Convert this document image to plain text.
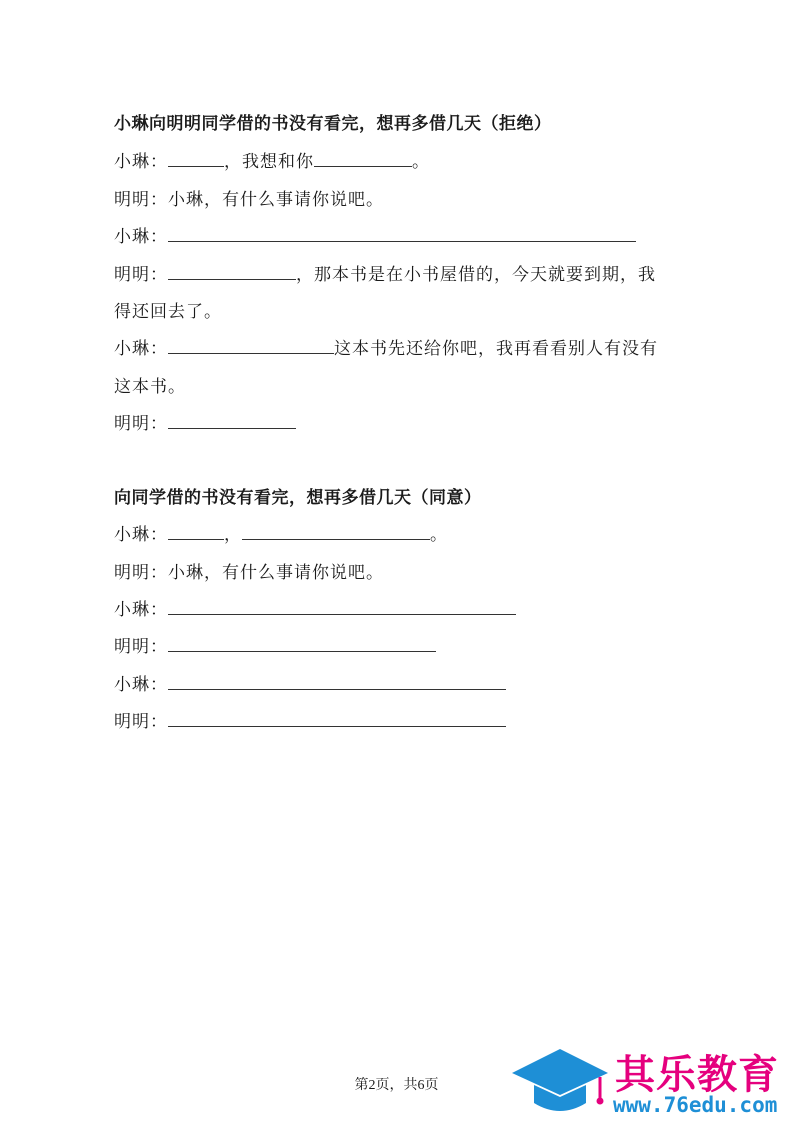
小琳向明明同学借的书没有看完，想再多借几天（拒绝）
小琳：	，我想和你	。
明明：小琳，有什么事请你说吧。
小琳：
明明：	，那本书是在小书屋借的，今天就要到期，我
得还回去了。
小琳：	这本书先还给你吧，我再看看别人有没有
这本书。
明明：
向同学借的书没有看完，想再多借几天（同意）
小琳：	，	。
明明：小琳，有什么事请你说吧。
小琳：
明明：
小琳：
明明：
第2页，共6页	其乐教育
www.76edu.com
